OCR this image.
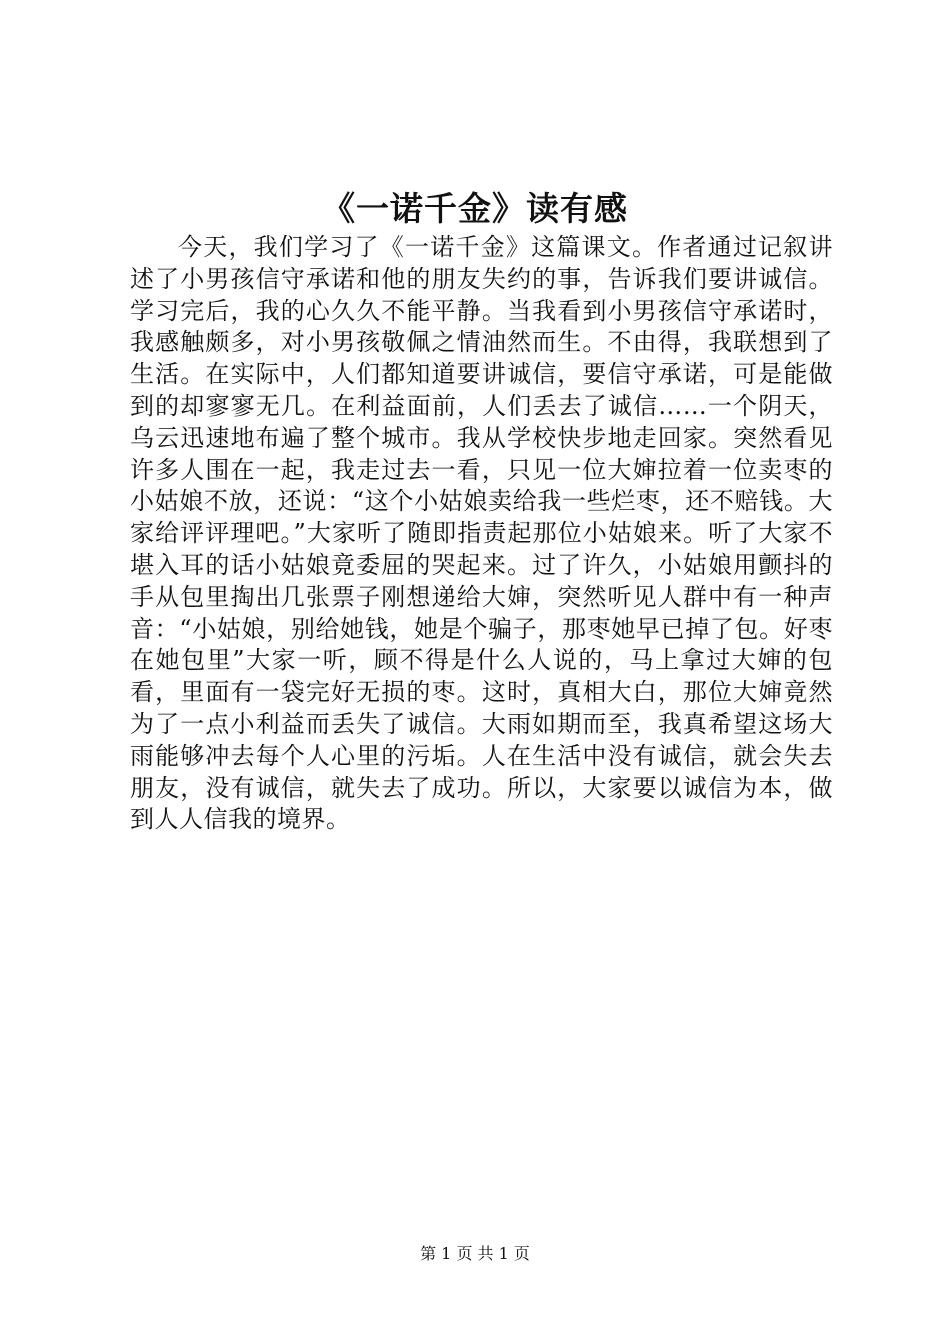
《一诺千金》读有感

今天，我们学习了《一诺千金》这篇课文。作者通过记叙讲述了小男孩信守承诺和他的朋友失约的事，告诉我们要讲诚信。学习完后，我的心久久不能平静。当我看到小男孩信守承诺时，我感触颇多，对小男孩敬佩之情油然而生。不由得，我联想到了生活。在实际中，人们都知道要讲诚信，要信守承诺，可是能做到的却寥寥无几。在利益面前，人们丢去了诚信……一个阴天，乌云迅速地布遍了整个城市。我从学校快步地走回家。突然看见许多人围在一起，我走过去一看，只见一位大婶拉着一位卖枣的小姑娘不放，还说：“这个小姑娘卖给我一些烂枣，还不赔钱。大家给评评理吧。”大家听了随即指责起那位小姑娘来。听了大家不堪入耳的话小姑娘竟委屈的哭起来。过了许久，小姑娘用颤抖的手从包里掏出几张票子刚想递给大婶，突然听见人群中有一种声音：“小姑娘，别给她钱，她是个骗子，那枣她早已掉了包。好枣在她包里”大家一听，顾不得是什么人说的，马上拿过大婶的包看，里面有一袋完好无损的枣。这时，真相大白，那位大婶竟然为了一点小利益而丢失了诚信。大雨如期而至，我真希望这场大雨能够冲去每个人心里的污垢。人在生活中没有诚信，就会失去朋友，没有诚信，就失去了成功。所以，大家要以诚信为本，做到人人信我的境界。

第 1 页 共 1 页
